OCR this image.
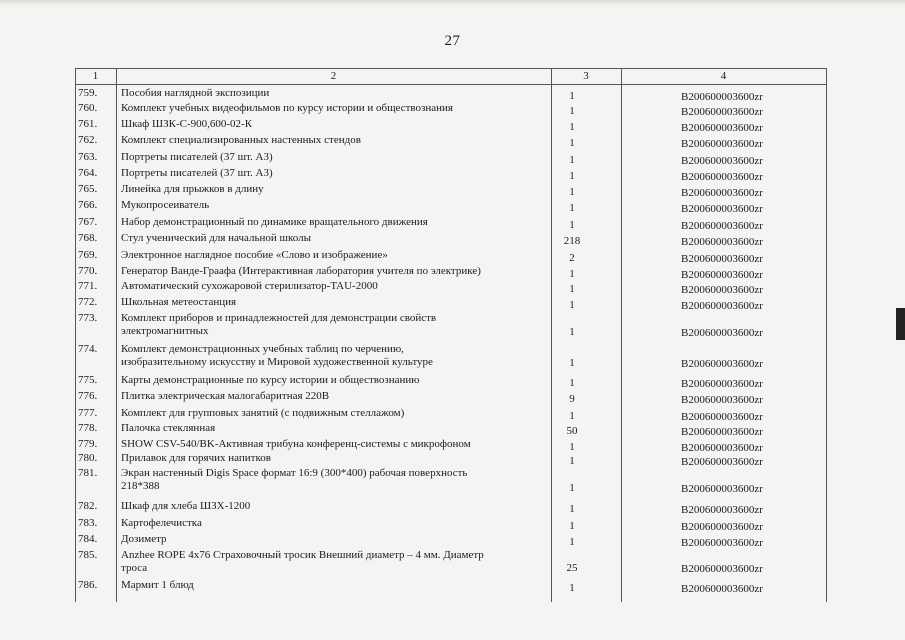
27
1	2	3	4
759.	Пособия наглядной экспозиции	1	B200600003600zr
760.	Комплект учебных видеофильмов по курсу истории и обществознания	1	B200600003600zr
761.	Шкаф ШЗК-С-900,600-02-К	1	B200600003600zr
762.	Комплект специализированных настенных стендов	1	B200600003600zr
763.	Портреты писателей (37 шт. А3)	1	B200600003600zr
764.	Портреты писателей (37 шт. А3)	1	B200600003600zr
765.	Линейка для прыжков в длину	1	B200600003600zr
766.	Мукопросеиватель	1	B200600003600zr
767.	Набор демонстрационный по динамике вращательного движения	1	B200600003600zr
768.	Стул ученический для начальной школы	218	B200600003600zr
769.	Электронное наглядное пособие «Слово и изображение»	2	B200600003600zr
770.	Генератор Ванде-Граафа (Интерактивная лаборатория учителя по электрике)	1	B200600003600zr
771.	Автоматический сухожаровой стерилизатор-TAU-2000	1	B200600003600zr
772.	Школьная метеостанция	1	B200600003600zr
773.	Комплект приборов и принадлежностей для демонстрации свойств
электромагнитных	1	B200600003600zr
774.	Комплект демонстрационных учебных таблиц по черчению,
изобразительному искусству и Мировой художественной культуре	1	B200600003600zr
775.	Карты демонстрационные по курсу истории и обществознанию	1	B200600003600zr
776.	Плитка электрическая малогабаритная 220В	9	B200600003600zr
777.	Комплект для групповых занятий (с подвижным стеллажом)	1	B200600003600zr
778.	Палочка стеклянная	50	B200600003600zr
779.	SHOW CSV-540/BK-Активная трибуна конференц-системы с микрофоном	1	B200600003600zr
780.	Прилавок для горячих напитков	1	B200600003600zr
781.	Экран настенный Digis Space формат 16:9 (300*400) рабочая поверхность
218*388	1	B200600003600zr
782.	Шкаф для хлеба ШЗХ-1200	1	B200600003600zr
783.	Картофелечистка	1	B200600003600zr
784.	Дозиметр	1	B200600003600zr
785.	Anzhee ROPE 4x76 Страховочный тросик Внешний диаметр – 4 мм. Диаметр
троса	25	B200600003600zr
786.	Мармит 1 блюд	1	B200600003600zr
